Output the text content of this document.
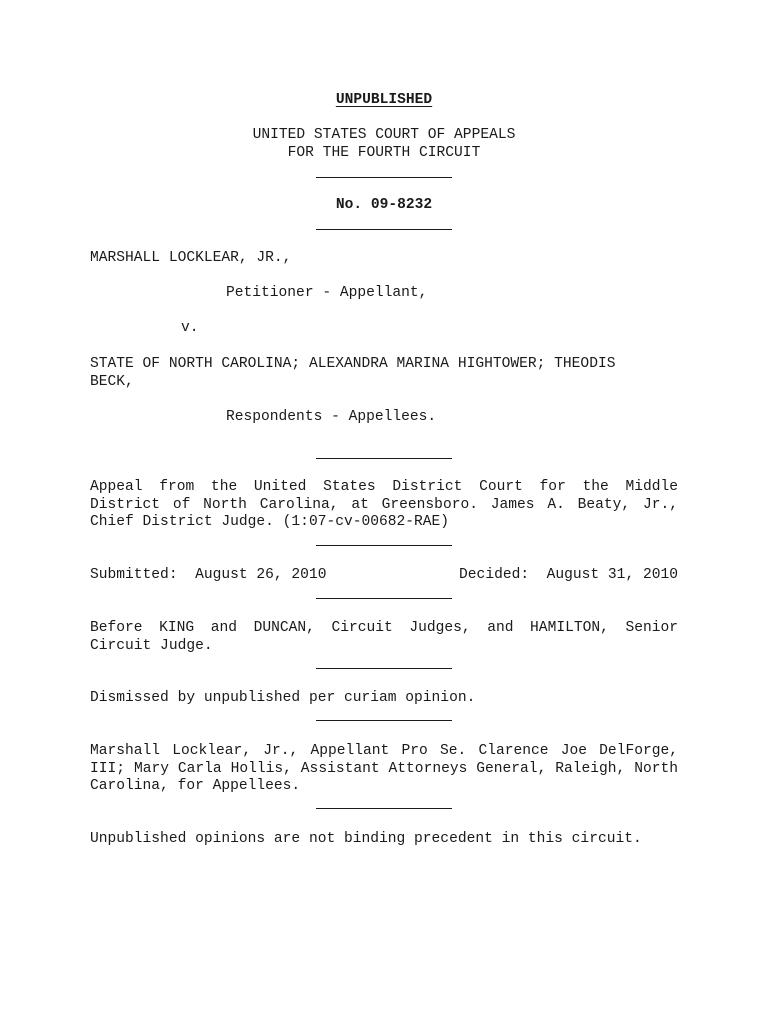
UNPUBLISHED
UNITED STATES COURT OF APPEALS
FOR THE FOURTH CIRCUIT
No. 09-8232
MARSHALL LOCKLEAR, JR.,
Petitioner - Appellant,
v.
STATE OF NORTH CAROLINA; ALEXANDRA MARINA HIGHTOWER; THEODIS
BECK,
Respondents - Appellees.
Appeal from the United States District Court for the Middle District of North Carolina, at Greensboro. James A. Beaty, Jr., Chief District Judge. (1:07-cv-00682-RAE)
Submitted:  August 26, 2010	Decided:  August 31, 2010
Before KING and DUNCAN, Circuit Judges, and HAMILTON, Senior Circuit Judge.
Dismissed by unpublished per curiam opinion.
Marshall Locklear, Jr., Appellant Pro Se. Clarence Joe DelForge, III; Mary Carla Hollis, Assistant Attorneys General, Raleigh, North Carolina, for Appellees.
Unpublished opinions are not binding precedent in this circuit.
